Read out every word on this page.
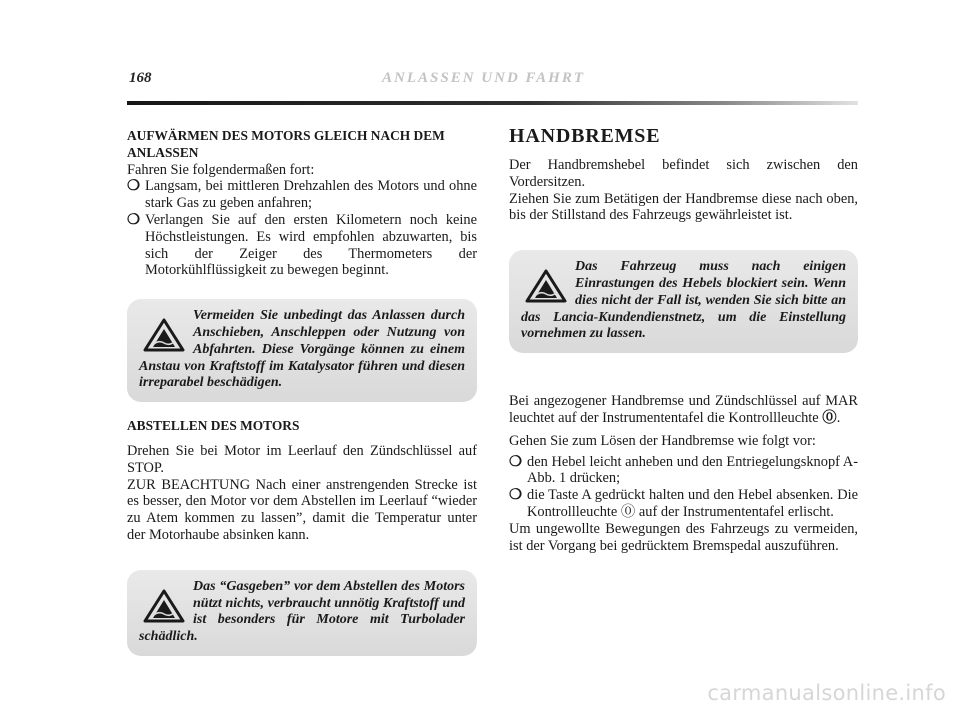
168	ANLASSEN UND FAHRT

AUFWÄRMEN DES MOTORS GLEICH NACH DEM ANLASSEN

Fahren Sie folgendermaßen fort:

❍ Langsam, bei mittleren Drehzahlen des Motors und ohne stark Gas zu geben anfahren;
❍ Verlangen Sie auf den ersten Kilometern noch keine Höchstleistungen. Es wird empfohlen abzuwarten, bis sich der Zeiger des Thermometers der Motorkühlflüssigkeit zu bewegen beginnt.
Vermeiden Sie unbedingt das Anlassen durch Anschieben, Anschleppen oder Nutzung von Abfahrten. Diese Vorgänge können zu einem Anstau von Kraftstoff im Katalysator führen und diesen irreparabel beschädigen.

ABSTELLEN DES MOTORS

Drehen Sie bei Motor im Leerlauf den Zündschlüssel auf STOP.

ZUR BEACHTUNG Nach einer anstrengenden Strecke ist es besser, den Motor vor dem Abstellen im Leerlauf “wieder zu Atem kommen zu lassen”, damit die Temperatur unter der Motorhaube absinken kann.

Das “Gasgeben” vor dem Abstellen des Motors nützt nichts, verbraucht unnötig Kraftstoff und ist besonders für Motore mit Turbolader schädlich.

HANDBREMSE

Der Handbremshebel befindet sich zwischen den Vordersitzen.

Ziehen Sie zum Betätigen der Handbremse diese nach oben, bis der Stillstand des Fahrzeugs gewährleistet ist.

Das Fahrzeug muss nach einigen Einrastungen des Hebels blockiert sein. Wenn dies nicht der Fall ist, wenden Sie sich bitte an das Lancia-Kundendienstnetz, um die Einstellung vornehmen zu lassen.

Bei angezogener Handbremse und Zündschlüssel auf MAR leuchtet auf der Instrumententafel die Kontrollleuchte ⓪.

Gehen Sie zum Lösen der Handbremse wie folgt vor:

❍ den Hebel leicht anheben und den Entriegelungsknopf A-Abb. 1 drücken;
❍ die Taste A gedrückt halten und den Hebel absenken. Die Kontrollleuchte ⓪ auf der Instrumententafel erlischt.

Um ungewollte Bewegungen des Fahrzeugs zu vermeiden, ist der Vorgang bei gedrücktem Bremspedal auszuführen.

carmanualsonline.info
